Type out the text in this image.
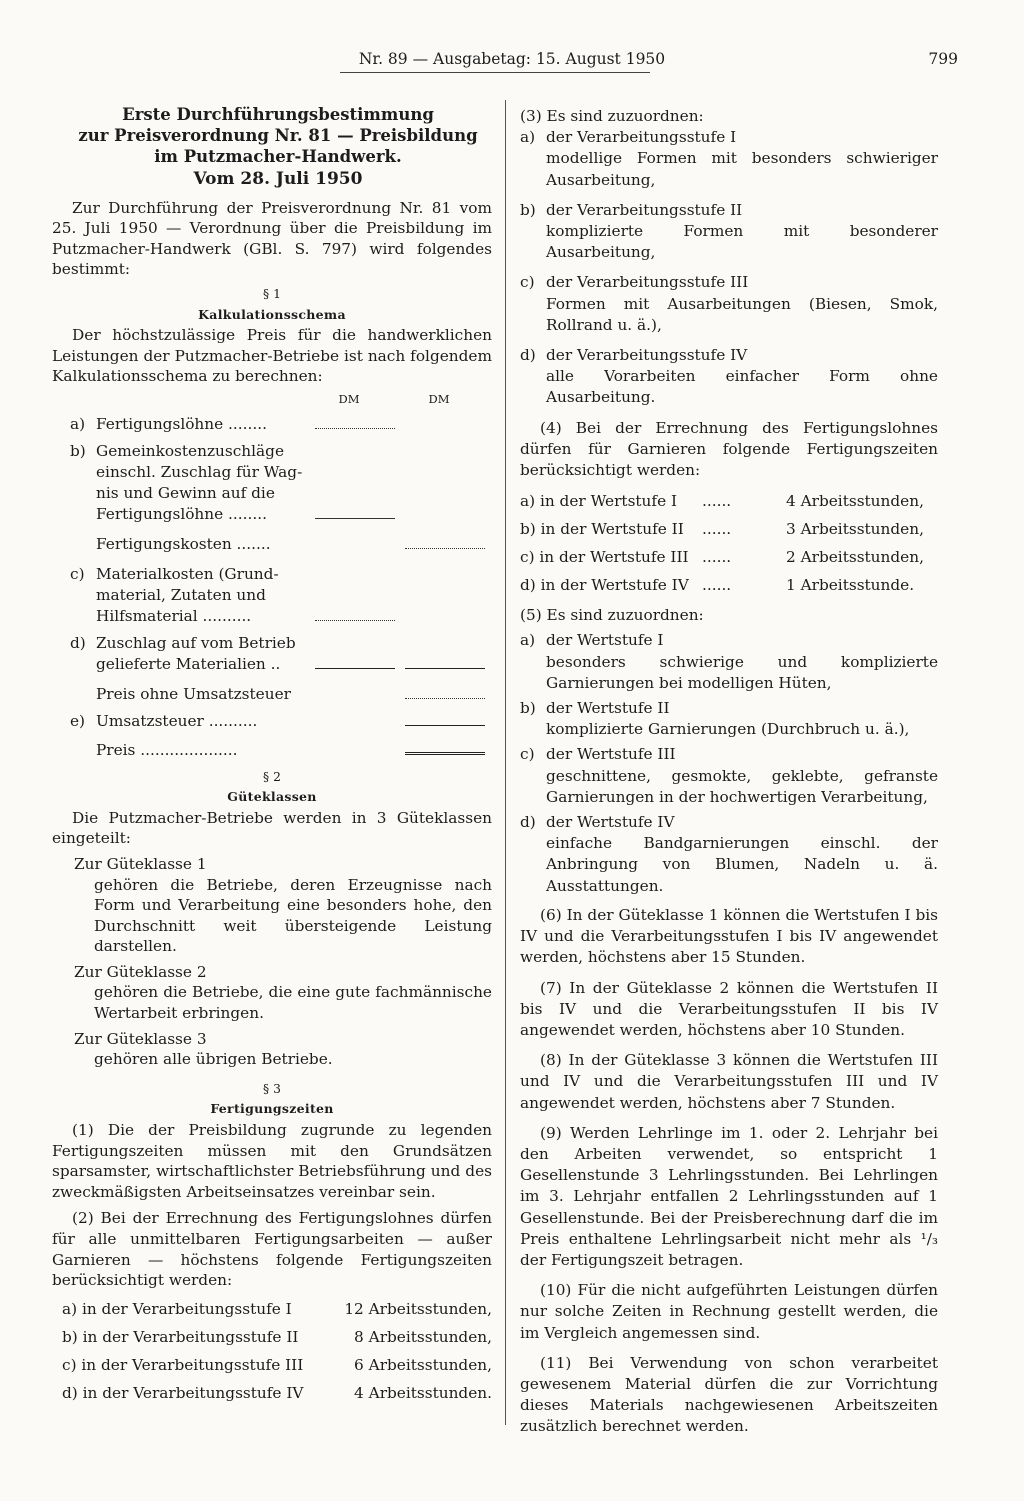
Nr. 89 — Ausgabetag: 15. August 1950	799
Erste Durchführungsbestimmung
zur Preisverordnung Nr. 81 — Preisbildung
im Putzmacher-Handwerk.
Vom 28. Juli 1950
Zur Durchführung der Preisverordnung Nr. 81 vom 25. Juli 1950 — Verordnung über die Preisbildung im Putzmacher-Handwerk (GBl. S. 797) wird folgendes bestimmt:
§ 1
Kalkulationsschema
Der höchstzulässige Preis für die handwerklichen Leistungen der Putzmacher-Betriebe ist nach folgendem Kalkulationsschema zu berechnen:
DM	DM
a) Fertigungslöhne ........
b) Gemeinkostenzuschläge
einschl. Zuschlag für Wag-
nis und Gewinn auf die
Fertigungslöhne ........
Fertigungskosten .......
c) Materialkosten (Grund-
material, Zutaten und
Hilfsmaterial ..........
d) Zuschlag auf vom Betrieb
gelieferte Materialien ..
Preis ohne Umsatzsteuer
e) Umsatzsteuer ..........
Preis ....................
§ 2
Güteklassen
Die Putzmacher-Betriebe werden in 3 Güteklassen eingeteilt:
Zur Güteklasse 1
gehören die Betriebe, deren Erzeugnisse nach Form und Verarbeitung eine besonders hohe, den Durchschnitt weit übersteigende Leistung darstellen.
Zur Güteklasse 2
gehören die Betriebe, die eine gute fachmännische Wertarbeit erbringen.
Zur Güteklasse 3
gehören alle übrigen Betriebe.
§ 3
Fertigungszeiten
(1) Die der Preisbildung zugrunde zu legenden Fertigungszeiten müssen mit den Grundsätzen sparsamster, wirtschaftlichster Betriebsführung und des zweckmäßigsten Arbeitseinsatzes vereinbar sein.
(2) Bei der Errechnung des Fertigungslohnes dürfen für alle unmittelbaren Fertigungsarbeiten — außer Garnieren — höchstens folgende Fertigungszeiten berücksichtigt werden:
a) in der Verarbeitungsstufe I	12 Arbeitsstunden,
b) in der Verarbeitungsstufe II	8 Arbeitsstunden,
c) in der Verarbeitungsstufe III	6 Arbeitsstunden,
d) in der Verarbeitungsstufe IV	4 Arbeitsstunden.
(3) Es sind zuzuordnen:
a) der Verarbeitungsstufe I
modellige Formen mit besonders schwieriger Ausarbeitung,
b) der Verarbeitungsstufe II
komplizierte Formen mit besonderer Ausarbeitung,
c) der Verarbeitungsstufe III
Formen mit Ausarbeitungen (Biesen, Smok, Rollrand u. ä.),
d) der Verarbeitungsstufe IV
alle Vorarbeiten einfacher Form ohne Ausarbeitung.
(4) Bei der Errechnung des Fertigungslohnes dürfen für Garnieren folgende Fertigungszeiten berücksichtigt werden:
a) in der Wertstufe I	......	4 Arbeitsstunden,
b) in der Wertstufe II	......	3 Arbeitsstunden,
c) in der Wertstufe III ......	2 Arbeitsstunden,
d) in der Wertstufe IV ......	1 Arbeitsstunde.
(5) Es sind zuzuordnen:
a) der Wertstufe I
besonders schwierige und komplizierte Garnierungen bei modelligen Hüten,
b) der Wertstufe II
komplizierte Garnierungen (Durchbruch u. ä.),
c) der Wertstufe III
geschnittene, gesmokte, geklebte, gefranste Garnierungen in der hochwertigen Verarbeitung,
d) der Wertstufe IV
einfache Bandgarnierungen einschl. der Anbringung von Blumen, Nadeln u. ä. Ausstattungen.
(6) In der Güteklasse 1 können die Wertstufen I bis IV und die Verarbeitungsstufen I bis IV angewendet werden, höchstens aber 15 Stunden.
(7) In der Güteklasse 2 können die Wertstufen II bis IV und die Verarbeitungsstufen II bis IV angewendet werden, höchstens aber 10 Stunden.
(8) In der Güteklasse 3 können die Wertstufen III und IV und die Verarbeitungsstufen III und IV angewendet werden, höchstens aber 7 Stunden.
(9) Werden Lehrlinge im 1. oder 2. Lehrjahr bei den Arbeiten verwendet, so entspricht 1 Gesellenstunde 3 Lehrlingsstunden. Bei Lehrlingen im 3. Lehrjahr entfallen 2 Lehrlingsstunden auf 1 Gesellenstunde. Bei der Preisberechnung darf die im Preis enthaltene Lehrlingsarbeit nicht mehr als ¹/₃ der Fertigungszeit betragen.
(10) Für die nicht aufgeführten Leistungen dürfen nur solche Zeiten in Rechnung gestellt werden, die im Vergleich angemessen sind.
(11) Bei Verwendung von schon verarbeitet gewesenem Material dürfen die zur Vorrichtung dieses Materials nachgewiesenen Arbeitszeiten zusätzlich berechnet werden.
